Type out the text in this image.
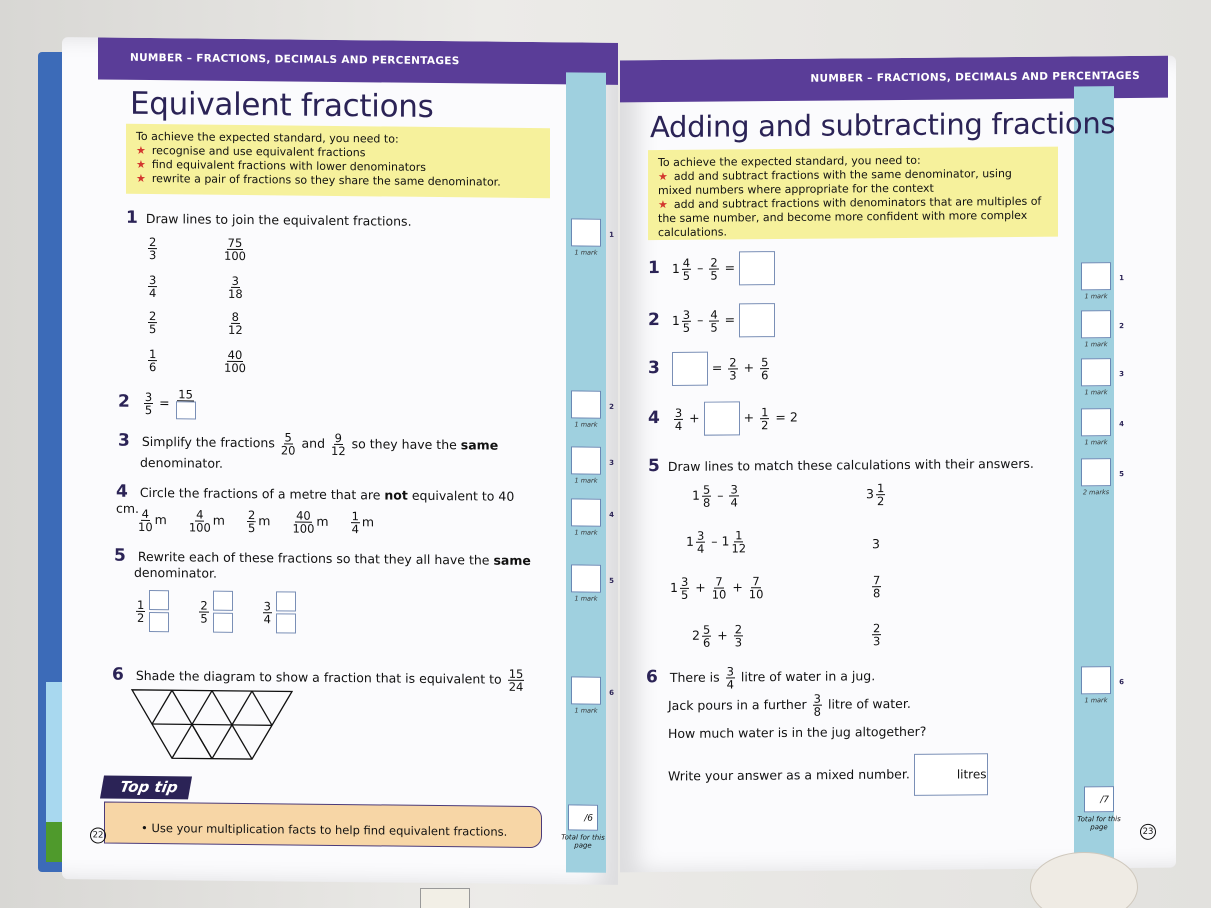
NUMBER – FRACTIONS, DECIMALS AND PERCENTAGES
Equivalent fractions
To achieve the expected standard, you need to:
★ recognise and use equivalent fractions
★ find equivalent fractions with lower denominators
★ rewrite a pair of fractions so they share the same denominator.
1 Draw lines to join the equivalent fractions.
$\frac{2}{3}$
$\frac{3}{4}$
$\frac{2}{5}$
$\frac{1}{6}$
$\frac{75}{100}$
$\frac{3}{18}$
$\frac{8}{12}$
$\frac{40}{100}$
$2 \frac{3}{5}$ =
15
3 Simplify the fractions $\frac{5}{20}$ and $\frac{9}{12}$ so they have the same
denominator.
4 Circle the fractions of a metre that are not equivalent to 40 cm.
$\frac{4}{10}$ m $\frac{4}{100}$ m $\frac{2}{5}$ m $\frac{40}{100}$ m $\frac{1}{4}$ m
5 Rewrite each of these fractions so that they all have the same
denominator.
$\frac{1}{2}$
	$\frac{2}{5}$
	$\frac{3}{4}$
6 Shade the diagram to show a fraction that is equivalent to $\frac{15}{24}$
1 mark
1
1 mark
2
1 mark
3
1 mark
4
1 mark
5
1 mark
6
Top tip
• Use your multiplication facts to help find equivalent fractions.
22
/6
Total for this page
NUMBER – FRACTIONS, DECIMALS AND PERCENTAGES
Adding and subtracting fractions
To achieve the expected standard, you need to:
★ add and subtract fractions with the same denominator, using mixed numbers where appropriate for the context
★ add and subtract fractions with denominators that are multiples of the same number, and become more confident with more complex calculations.
1 $1 \frac{4}{5} - \frac{2}{5}$ =
2 $1 \frac{3}{5} - \frac{4}{5}$ =
3	= $\frac{2}{3} + \frac{5}{6}$
$4 \frac{3}{4}$ +	+ $\frac{1}{2} = 2$
5 Draw lines to match these calculations with their answers.
$1 \frac{5}{8} - \frac{3}{4}$
$1 \frac{3}{4} - 1 \frac{1}{12}$
$1 \frac{3}{5} + \frac{7}{10} + \frac{7}{10}$
$2 \frac{5}{6} + \frac{2}{3}$
$3 \frac{1}{2}$
3
$\frac{7}{8}$
$\frac{2}{3}$
6 There is $\frac{3}{4}$ litre of water in a jug.
Jack pours in a further $\frac{3}{8}$ litre of water.
How much water is in the jug altogether?
Write your answer as a mixed number.	litres
1 mark
1
1 mark
2
1 mark
3
1 mark
4
2 marks
5
1 mark
6
/7
Total for this page	23
